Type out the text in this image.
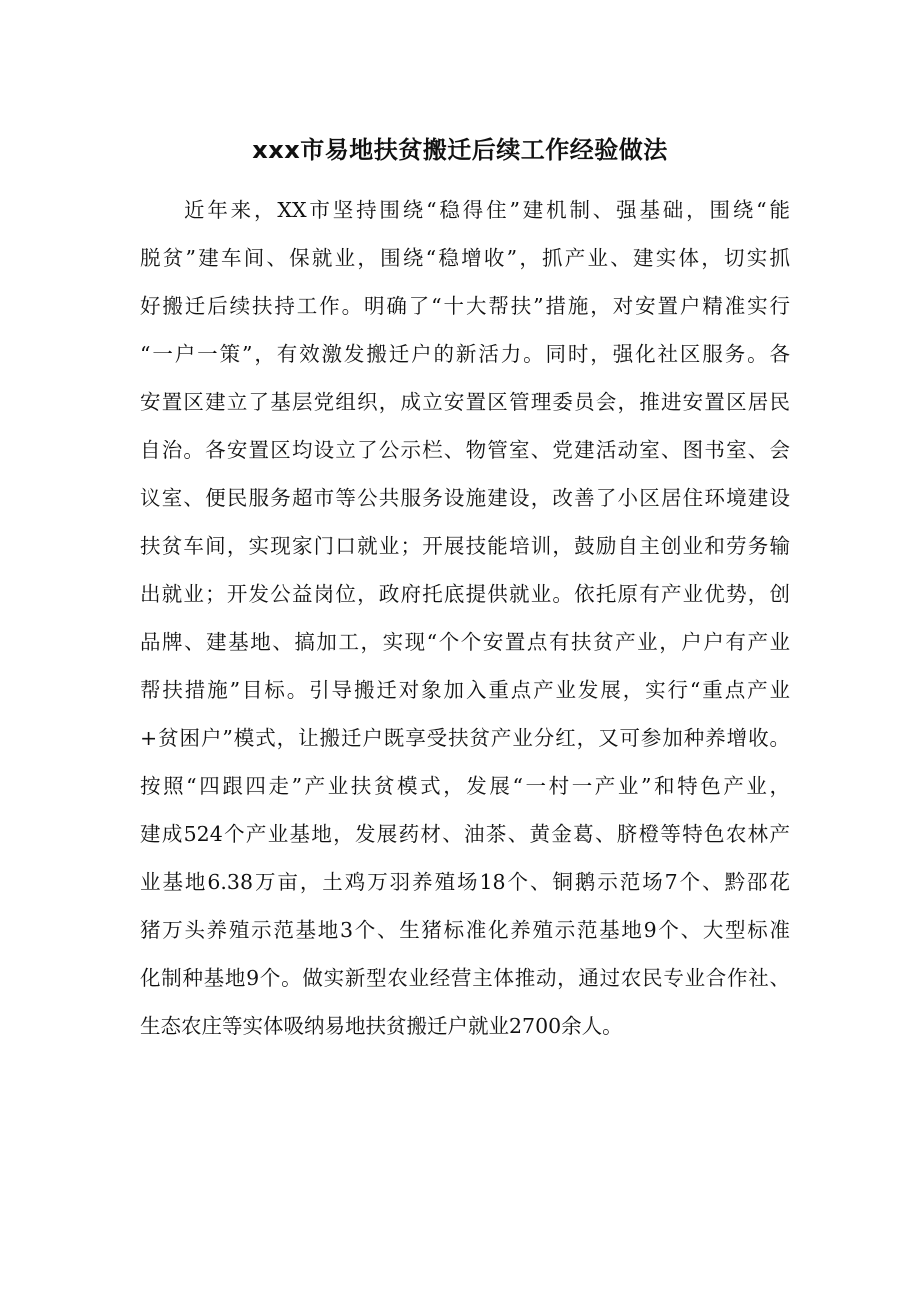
xxx市易地扶贫搬迁后续工作经验做法
近年来，XX市坚持围绕“稳得住”建机制、强基础，围绕“能
脱贫”建车间、保就业，围绕“稳增收”，抓产业、建实体，切实抓
好搬迁后续扶持工作。明确了“十大帮扶”措施，对安置户精准实行
“一户一策”，有效激发搬迁户的新活力。同时，强化社区服务。各
安置区建立了基层党组织，成立安置区管理委员会，推进安置区居民
自治。各安置区均设立了公示栏、物管室、党建活动室、图书室、会
议室、便民服务超市等公共服务设施建设，改善了小区居住环境建设
扶贫车间，实现家门口就业；开展技能培训，鼓励自主创业和劳务输
出就业；开发公益岗位，政府托底提供就业。依托原有产业优势，创
品牌、建基地、搞加工，实现“个个安置点有扶贫产业，户户有产业
帮扶措施”目标。引导搬迁对象加入重点产业发展，实行“重点产业
+贫困户”模式，让搬迁户既享受扶贫产业分红，又可参加种养增收。
按照“四跟四走”产业扶贫模式，发展“一村一产业”和特色产业，
建成524个产业基地，发展药材、油茶、黄金葛、脐橙等特色农林产
业基地6.38万亩，土鸡万羽养殖场18个、铜鹅示范场7个、黔邵花
猪万头养殖示范基地3个、生猪标准化养殖示范基地9个、大型标准
化制种基地9个。做实新型农业经营主体推动，通过农民专业合作社、
生态农庄等实体吸纳易地扶贫搬迁户就业2700余人。
